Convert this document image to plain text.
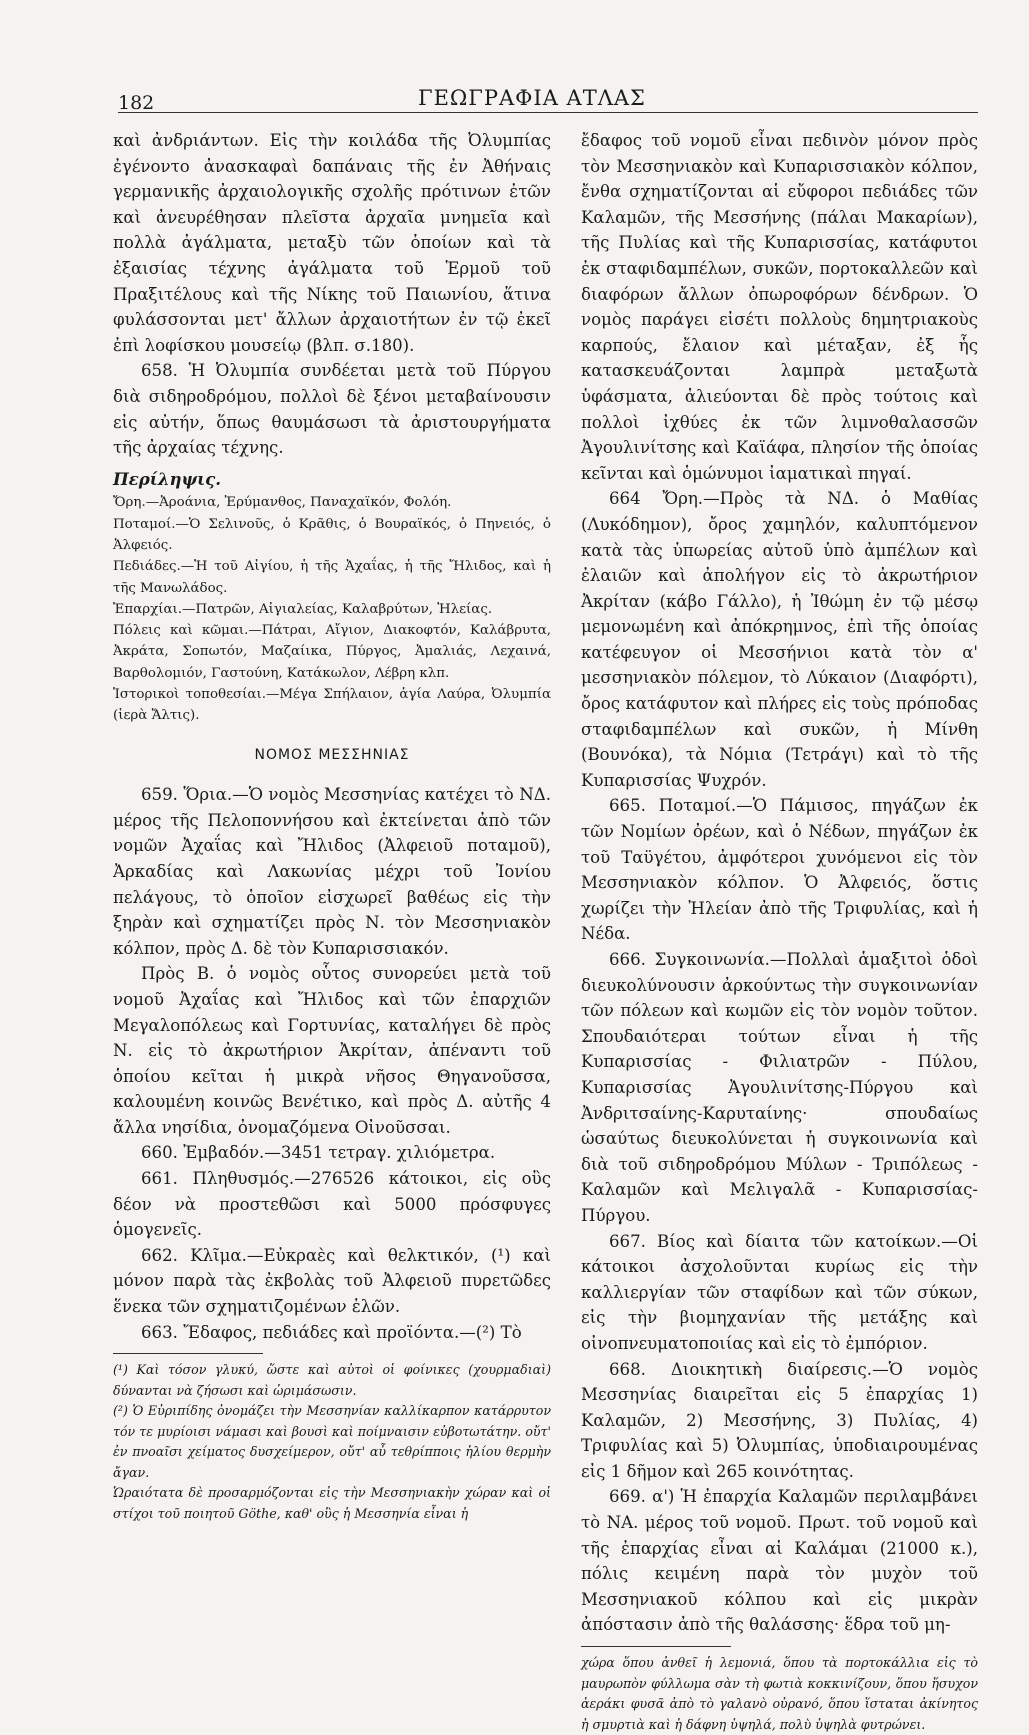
182	ΓΕΩΓΡΑΦΙΑ ΑΤΛΑΣ

καὶ ἀνδριάντων. Εἰς τὴν κοιλάδα τῆς Ὀλυμπίας ἐγένοντο ἀνασκαφαὶ δαπάναις τῆς ἐν Ἀθήναις γερμανικῆς ἀρχαιολογικῆς σχολῆς πρότινων ἐτῶν καὶ ἀνευρέθησαν πλεῖστα ἀρχαῖα μνημεῖα καὶ πολλὰ ἀγάλματα, μεταξὺ τῶν ὁποίων καὶ τὰ ἐξαισίας τέχνης ἀγάλματα τοῦ Ἑρμοῦ τοῦ Πραξιτέλους καὶ τῆς Νίκης τοῦ Παιωνίου, ἅτινα φυλάσσονται μετ' ἄλλων ἀρχαιοτήτων ἐν τῷ ἐκεῖ ἐπὶ λοφίσκου μουσείῳ (βλπ. σ.180).

658. Ἡ Ὀλυμπία συνδέεται μετὰ τοῦ Πύργου διὰ σιδηροδρόμου, πολλοὶ δὲ ξένοι μεταβαίνουσιν εἰς αὐτήν, ὅπως θαυμάσωσι τὰ ἀριστουργήματα τῆς ἀρχαίας τέχνης.

Περίληψις.

Ὄρη.—Ἀροάνια, Ἐρύμανθος, Παναχαϊκόν, Φολόη.

Ποταμοί.—Ὁ Σελινοῦς, ὁ Κρᾶθις, ὁ Βουραϊκός, ὁ Πηνειός, ὁ Ἀλφειός.

Πεδιάδες.—Ἡ τοῦ Αἰγίου, ἡ τῆς Ἀχαΐας, ἡ τῆς Ἤλιδος, καὶ ἡ τῆς Μανωλάδος.

Ἐπαρχίαι.—Πατρῶν, Αἰγιαλείας, Καλαβρύτων, Ἠλείας.

Πόλεις καὶ κῶμαι.—Πάτραι, Αἴγιον, Διακοφτόν, Καλάβρυτα, Ἀκράτα, Σοπωτόν, Μαζαίικα, Πύργος, Ἀμαλιάς, Λεχαινά, Βαρθολομιόν, Γαστούνη, Κατάκωλον, Λέβρη κλπ.

Ἱστορικοὶ τοποθεσίαι.—Μέγα Σπήλαιον, ἁγία Λαύρα, Ὀλυμπία (ἱερὰ Ἄλτις).

ΝΟΜΟΣ ΜΕΣΣΗΝΙΑΣ

659. Ὅρια.—Ὁ νομὸς Μεσσηνίας κατέχει τὸ ΝΔ. μέρος τῆς Πελοποννήσου καὶ ἐκτείνεται ἀπὸ τῶν νομῶν Ἀχαΐας καὶ Ἤλιδος (Ἀλφειοῦ ποταμοῦ), Ἀρκαδίας καὶ Λακωνίας μέχρι τοῦ Ἰονίου πελάγους, τὸ ὁποῖον εἰσχωρεῖ βαθέως εἰς τὴν ξηρὰν καὶ σχηματίζει πρὸς Ν. τὸν Μεσσηνιακὸν κόλπον, πρὸς Δ. δὲ τὸν Κυπαρισσιακόν.

Πρὸς Β. ὁ νομὸς οὗτος συνορεύει μετὰ τοῦ νομοῦ Ἀχαΐας καὶ Ἤλιδος καὶ τῶν ἐπαρχιῶν Μεγαλοπόλεως καὶ Γορτυνίας, καταλήγει δὲ πρὸς Ν. εἰς τὸ ἀκρωτήριον Ἀκρίταν, ἀπέναντι τοῦ ὁποίου κεῖται ἡ μικρὰ νῆσος Θηγανοῦσσα, καλουμένη κοινῶς Βενέτικο, καὶ πρὸς Δ. αὐτῆς 4 ἄλλα νησίδια, ὀνομαζόμενα Οἰνοῦσσαι.

660. Ἐμβαδόν.—3451 τετραγ. χιλιόμετρα.

661. Πληθυσμός.—276526 κάτοικοι, εἰς οὓς δέον νὰ προστεθῶσι καὶ 5000 πρόσφυγες ὁμογενεῖς.

662. Κλῖμα.—Εὐκραὲς καὶ θελκτικόν, (¹) καὶ μόνον παρὰ τὰς ἐκβολὰς τοῦ Ἀλφειοῦ πυρετῶδες ἕνεκα τῶν σχηματιζομένων ἑλῶν.

663. Ἔδαφος, πεδιάδες καὶ προϊόντα.—(²) Τὸ

(¹) Καὶ τόσον γλυκύ, ὥστε καὶ αὐτοὶ οἱ φοίνικες (χουρμαδιαὶ) δύνανται νὰ ζήσωσι καὶ ὡριμάσωσιν.

(²) Ὁ Εὐριπίδης ὀνομάζει τὴν Μεσσηνίαν καλλίκαρπον κατάρρυτον τόν τε μυρίοισι νάμασι καὶ βουσὶ καὶ ποίμναισιν εὐβοτωτάτην. οὔτ' ἐν πνοαῖσι χείματος δυσχείμερον, οὔτ' αὖ τεθρίπποις ἡλίου θερμὴν ἄγαν.

Ὡραιότατα δὲ προσαρμόζονται εἰς τὴν Μεσσηνιακὴν χώραν καὶ οἱ στίχοι τοῦ ποιητοῦ Göthe, καθ' οὓς ἡ Μεσσηνία εἶναι ἡ

ἔδαφος τοῦ νομοῦ εἶναι πεδινὸν μόνον πρὸς τὸν Μεσσηνιακὸν καὶ Κυπαρισσιακὸν κόλπον, ἔνθα σχηματίζονται αἱ εὔφοροι πεδιάδες τῶν Καλαμῶν, τῆς Μεσσήνης (πάλαι Μακαρίων), τῆς Πυλίας καὶ τῆς Κυπαρισσίας, κατάφυτοι ἐκ σταφιδαμπέλων, συκῶν, πορτοκαλλεῶν καὶ διαφόρων ἄλλων ὀπωροφόρων δένδρων. Ὁ νομὸς παράγει εἰσέτι πολλοὺς δημητριακοὺς καρπούς, ἔλαιον καὶ μέταξαν, ἐξ ἧς κατασκευάζονται λαμπρὰ μεταξωτὰ ὑφάσματα, ἁλιεύονται δὲ πρὸς τούτοις καὶ πολλοὶ ἰχθύες ἐκ τῶν λιμνοθαλασσῶν Ἀγουλινίτσης καὶ Καϊάφα, πλησίον τῆς ὁποίας κεῖνται καὶ ὁμώνυμοι ἰαματικαὶ πηγαί.

664 Ὄρη.—Πρὸς τὰ ΝΔ. ὁ Μαθίας (Λυκόδημον), ὄρος χαμηλόν, καλυπτόμενον κατὰ τὰς ὑπωρείας αὐτοῦ ὑπὸ ἀμπέλων καὶ ἐλαιῶν καὶ ἀπολήγον εἰς τὸ ἀκρωτήριον Ἀκρίταν (κάβο Γάλλο), ἡ Ἰθώμη ἐν τῷ μέσῳ μεμονωμένη καὶ ἀπόκρημνος, ἐπὶ τῆς ὁποίας κατέφευγον οἱ Μεσσήνιοι κατὰ τὸν α' μεσσηνιακὸν πόλεμον, τὸ Λύκαιον (Διαφόρτι), ὄρος κατάφυτον καὶ πλήρες εἰς τοὺς πρόποδας σταφιδαμπέλων καὶ συκῶν, ἡ Μίνθη (Βουνόκα), τὰ Νόμια (Τετράγι) καὶ τὸ τῆς Κυπαρισσίας Ψυχρόν.

665. Ποταμοί.—Ὁ Πάμισος, πηγάζων ἐκ τῶν Νομίων ὀρέων, καὶ ὁ Νέδων, πηγάζων ἐκ τοῦ Ταϋγέτου, ἀμφότεροι χυνόμενοι εἰς τὸν Μεσσηνιακὸν κόλπον. Ὁ Ἀλφειός, ὅστις χωρίζει τὴν Ἠλείαν ἀπὸ τῆς Τριφυλίας, καὶ ἡ Νέδα.

666. Συγκοινωνία.—Πολλαὶ ἁμαξιτοὶ ὁδοὶ διευκολύνουσιν ἀρκούντως τὴν συγκοινωνίαν τῶν πόλεων καὶ κωμῶν εἰς τὸν νομὸν τοῦτον. Σπουδαιότεραι τούτων εἶναι ἡ τῆς Κυπαρισσίας - Φιλιατρῶν - Πύλου, Κυπαρισσίας Ἀγουλινίτσης-Πύργου καὶ Ἀνδριτσαίνης-Καρυταίνης· σπουδαίως ὡσαύτως διευκολύνεται ἡ συγκοινωνία καὶ διὰ τοῦ σιδηροδρόμου Μύλων - Τριπόλεως - Καλαμῶν καὶ Μελιγαλᾶ - Κυπαρισσίας-Πύργου.

667. Βίος καὶ δίαιτα τῶν κατοίκων.—Οἱ κάτοικοι ἀσχολοῦνται κυρίως εἰς τὴν καλλιεργίαν τῶν σταφίδων καὶ τῶν σύκων, εἰς τὴν βιομηχανίαν τῆς μετάξης καὶ οἰνοπνευματοποιίας καὶ εἰς τὸ ἐμπόριον.

668. Διοικητικὴ διαίρεσις.—Ὁ νομὸς Μεσσηνίας διαιρεῖται εἰς 5 ἐπαρχίας 1) Καλαμῶν, 2) Μεσσήνης, 3) Πυλίας, 4) Τριφυλίας καὶ 5) Ὀλυμπίας, ὑποδιαιρουμένας εἰς 1 δῆμον καὶ 265 κοινότητας.

669. α') Ἡ ἐπαρχία Καλαμῶν περιλαμβάνει τὸ ΝΑ. μέρος τοῦ νομοῦ. Πρωτ. τοῦ νομοῦ καὶ τῆς ἐπαρχίας εἶναι αἱ Καλάμαι (21000 κ.), πόλις κειμένη παρὰ τὸν μυχὸν τοῦ Μεσσηνιακοῦ κόλπου καὶ εἰς μικρὰν ἀπόστασιν ἀπὸ τῆς θαλάσσης· ἕδρα τοῦ μη-

χώρα ὅπου ἀνθεῖ ἡ λεμονιά, ὅπου τὰ πορτοκάλλια εἰς τὸ μαυρωπὸν φύλλωμα σὰν τὴ φωτιὰ κοκκινίζουν, ὅπου ἥσυχον ἀεράκι φυσᾶ ἀπὸ τὸ γαλανὸ οὐρανό, ὅπου ἵσταται ἀκίνητος ἡ σμυρτιὰ καὶ ἡ δάφνη ὑψηλά, πολὺ ὑψηλὰ φυτρώνει.
